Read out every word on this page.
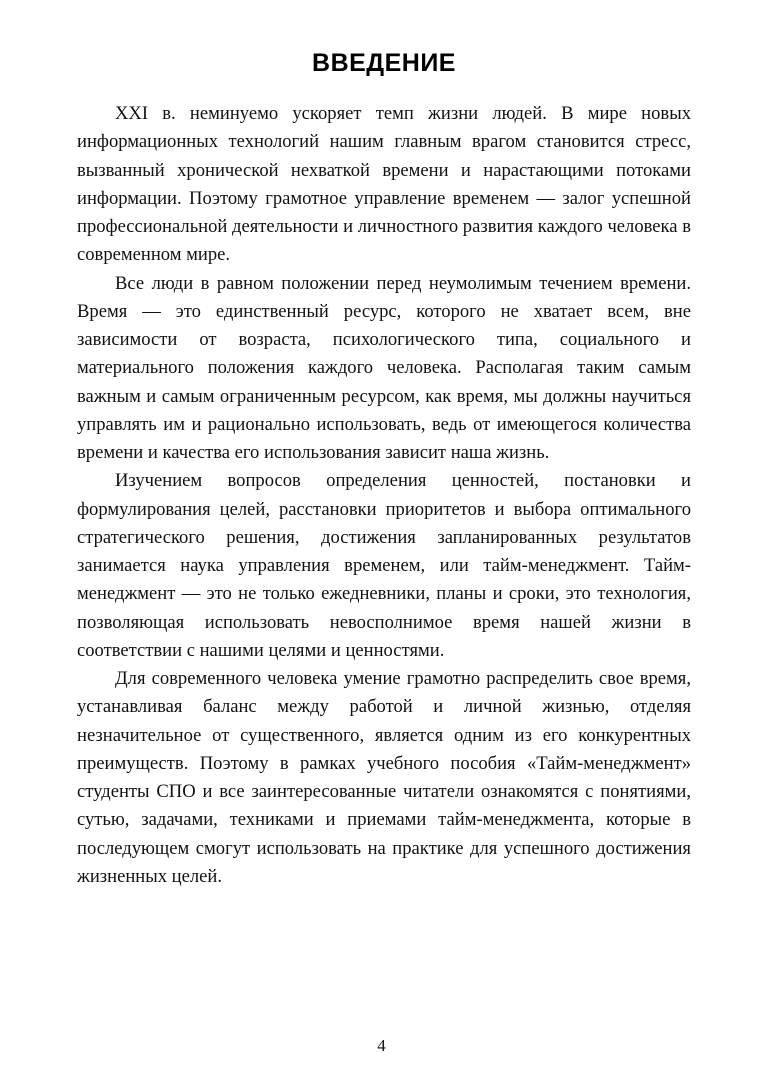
ВВЕДЕНИЕ

XXI в. неминуемо ускоряет темп жизни людей. В мире новых информационных технологий нашим главным врагом становится стресс, вызванный хронической нехваткой времени и нарастающими потоками информации. Поэтому грамотное управление временем — залог успешной профессиональной деятельности и личностного развития каждого человека в современном мире.

Все люди в равном положении перед неумолимым течением времени. Время — это единственный ресурс, которого не хватает всем, вне зависимости от возраста, психологического типа, социального и материального положения каждого человека. Располагая таким самым важным и самым ограниченным ресурсом, как время, мы должны научиться управлять им и рационально использовать, ведь от имеющегося количества времени и качества его использования зависит наша жизнь.

Изучением вопросов определения ценностей, постановки и формулирования целей, расстановки приоритетов и выбора оптимального стратегического решения, достижения запланированных результатов занимается наука управления временем, или тайм-менеджмент. Тайм-менеджмент — это не только ежедневники, планы и сроки, это технология, позволяющая использовать невосполнимое время нашей жизни в соответствии с нашими целями и ценностями.

Для современного человека умение грамотно распределить свое время, устанавливая баланс между работой и личной жизнью, отделяя незначительное от существенного, является одним из его конкурентных преимуществ. Поэтому в рамках учебного пособия «Тайм-менеджмент» студенты СПО и все заинтересованные читатели ознакомятся с понятиями, сутью, задачами, техниками и приемами тайм-менеджмента, которые в последующем смогут использовать на практике для успешного достижения жизненных целей.

4
